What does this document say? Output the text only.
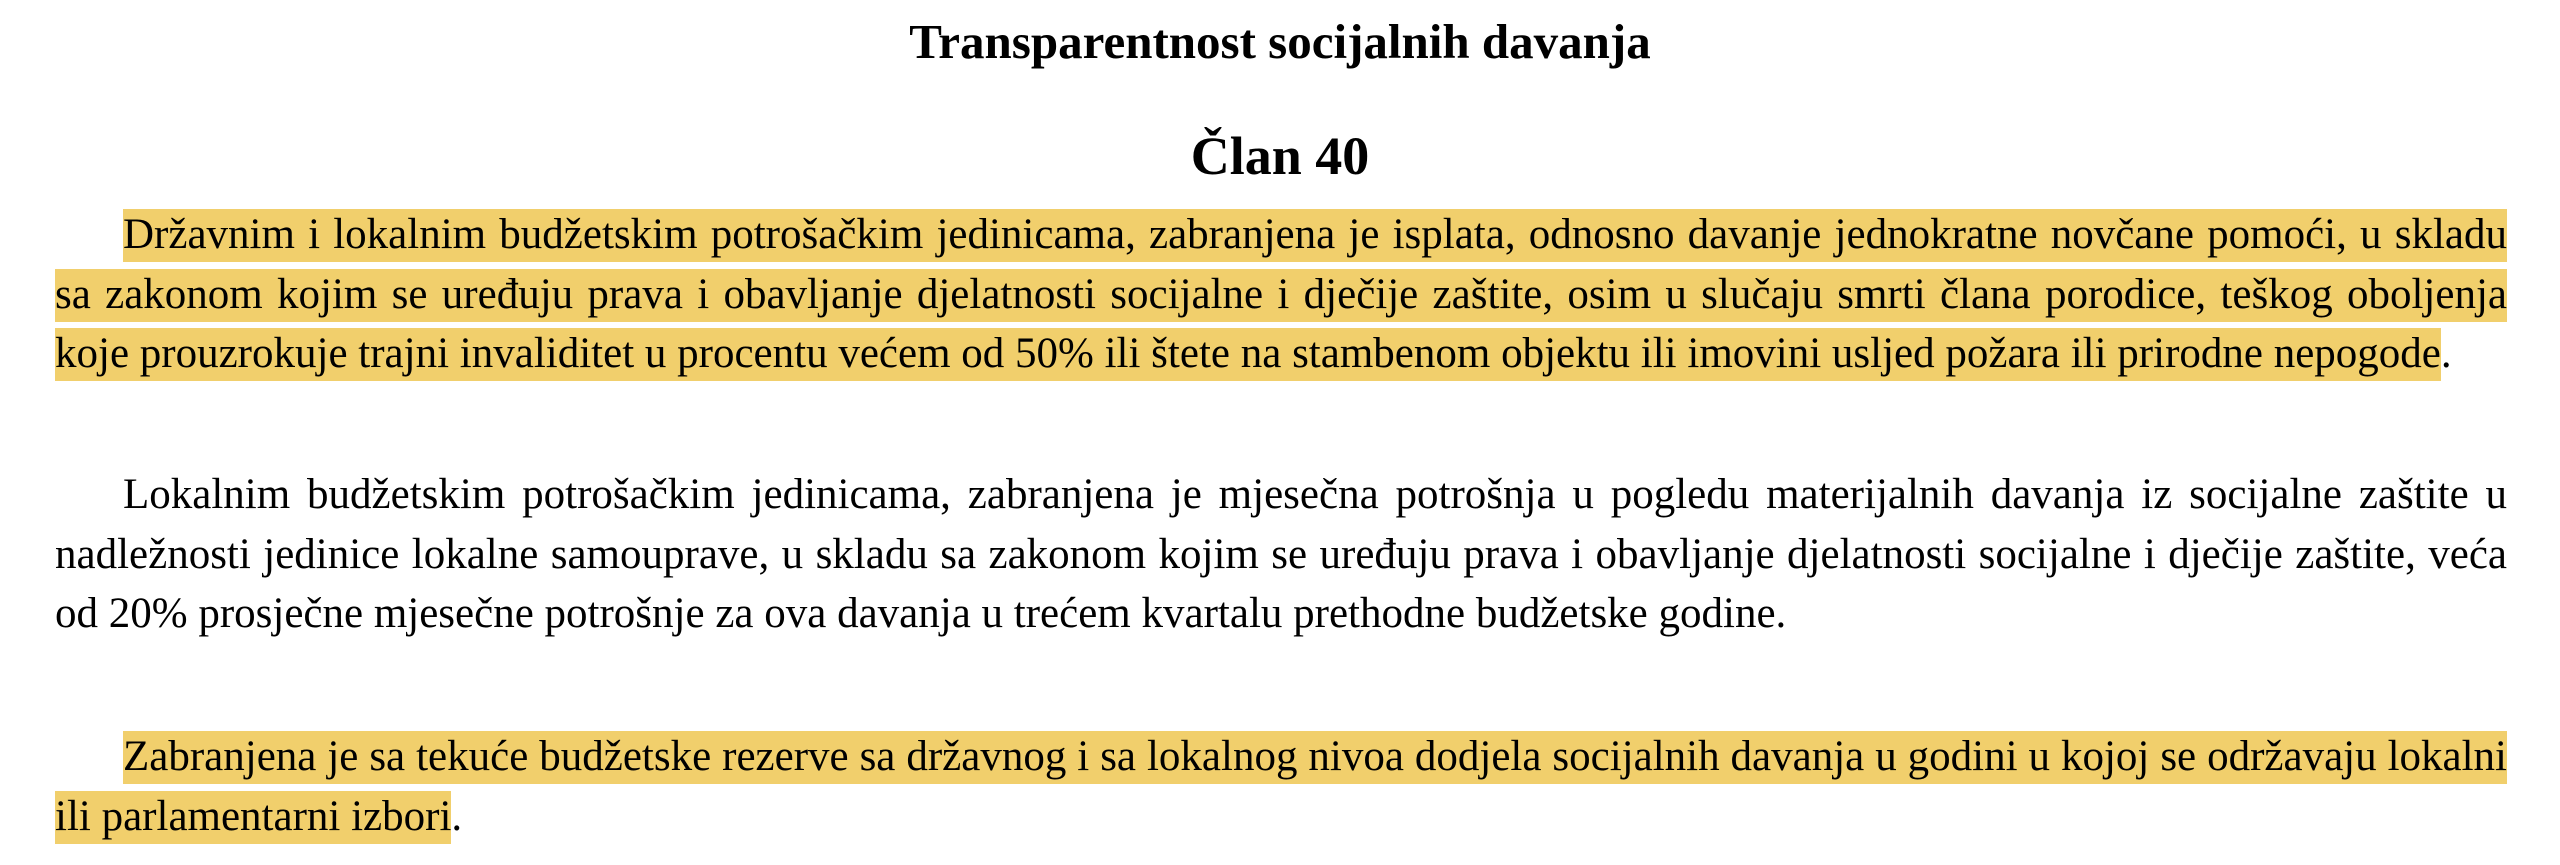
Transparentnost socijalnih davanja
Član 40

Državnim i lokalnim budžetskim potrošačkim jedinicama, zabranjena je isplata, odnosno davanje jednokratne novčane pomoći, u skladu sa zakonom kojim se uređuju prava i obavljanje djelatnosti socijalne i dječije zaštite, osim u slučaju smrti člana porodice, teškog oboljenja koje prouzrokuje trajni invaliditet u procentu većem od 50% ili štete na stambenom objektu ili imovini usljed požara ili prirodne nepogode.

Lokalnim budžetskim potrošačkim jedinicama, zabranjena je mjesečna potrošnja u pogledu materijalnih davanja iz socijalne zaštite u nadležnosti jedinice lokalne samouprave, u skladu sa zakonom kojim se uređuju prava i obavljanje djelatnosti socijalne i dječije zaštite, veća od 20% prosječne mjesečne potrošnje za ova davanja u trećem kvartalu prethodne budžetske godine.

Zabranjena je sa tekuće budžetske rezerve sa državnog i sa lokalnog nivoa dodjela socijalnih davanja u godini u kojoj se održavaju lokalni ili parlamentarni izbori.
